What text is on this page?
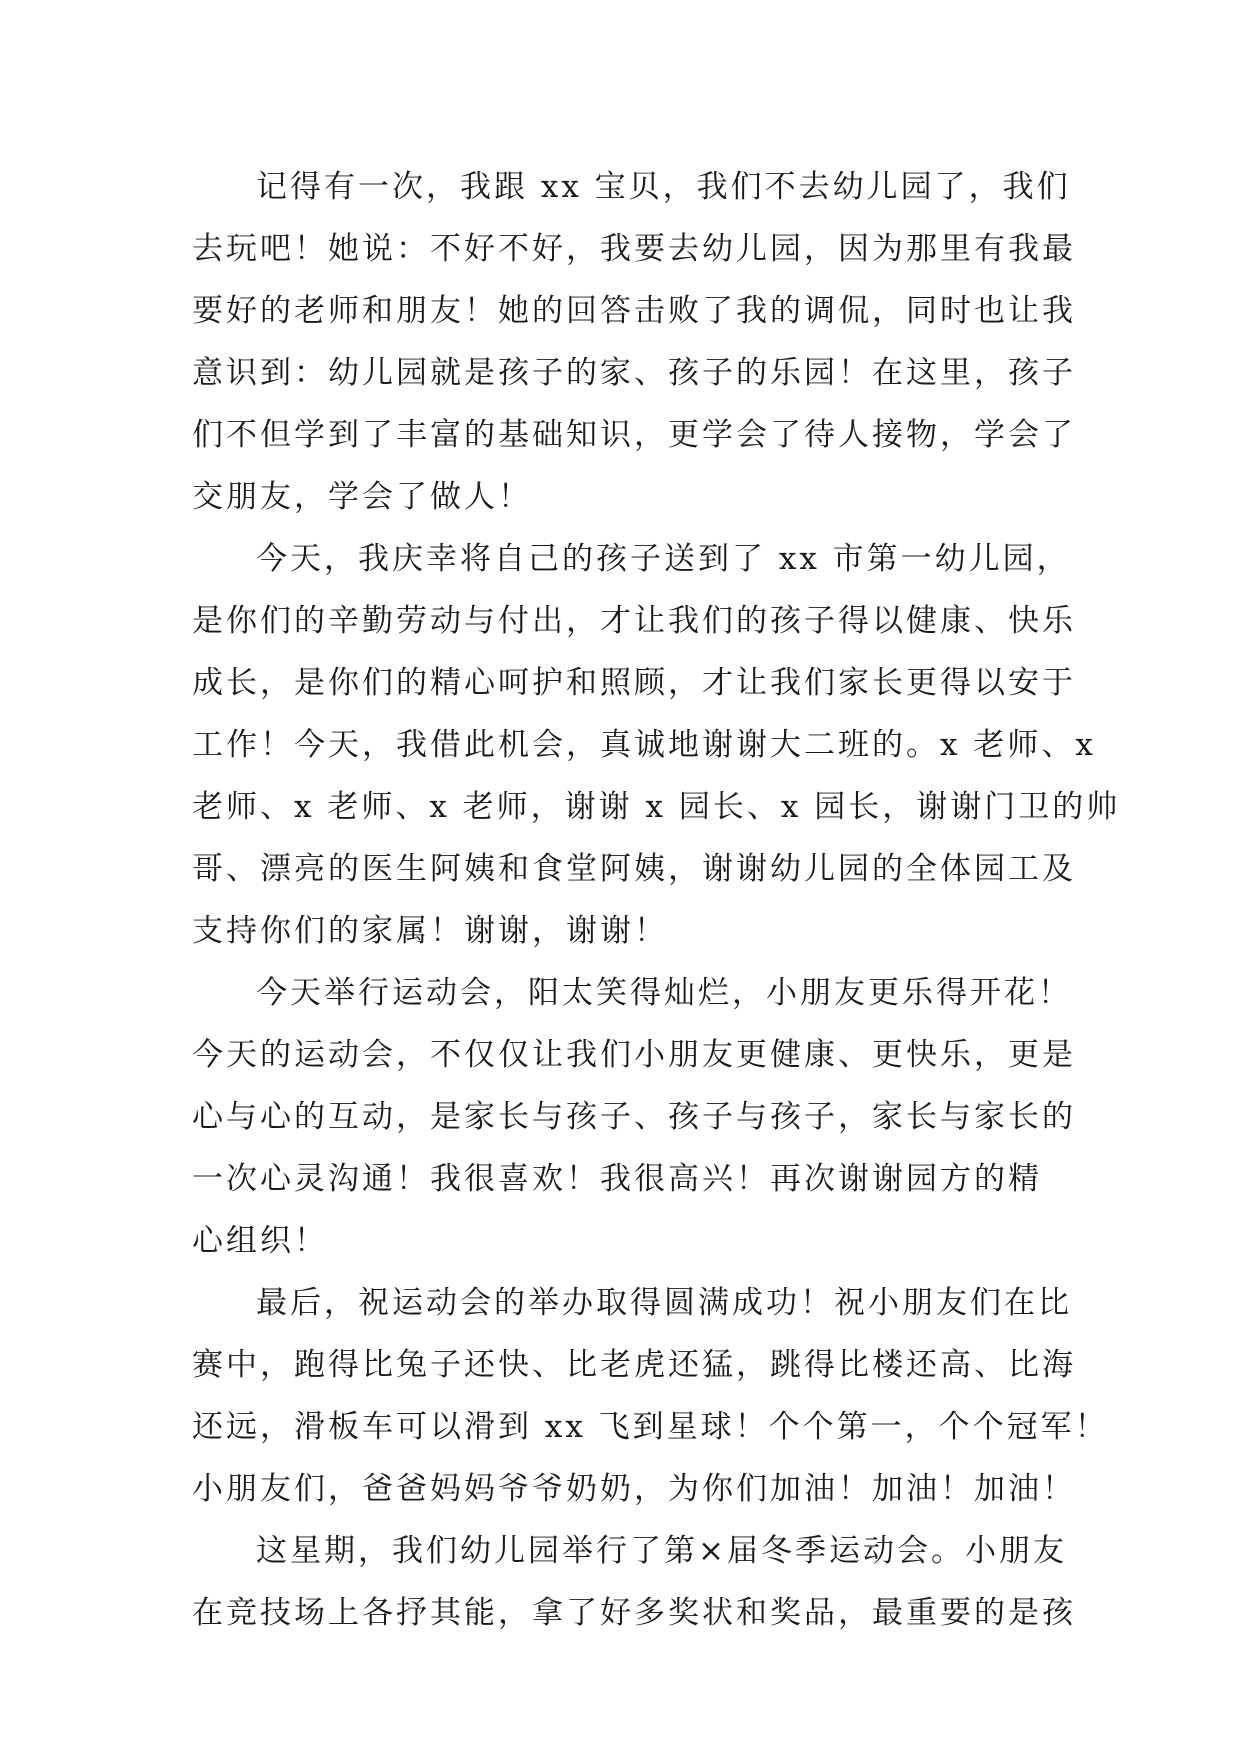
记得有一次，我跟 xx 宝贝，我们不去幼儿园了，我们
去玩吧！她说：不好不好，我要去幼儿园，因为那里有我最
要好的老师和朋友！她的回答击败了我的调侃，同时也让我
意识到：幼儿园就是孩子的家、孩子的乐园！在这里，孩子
们不但学到了丰富的基础知识，更学会了待人接物，学会了
交朋友，学会了做人！
今天，我庆幸将自己的孩子送到了 xx 市第一幼儿园，
是你们的辛勤劳动与付出，才让我们的孩子得以健康、快乐
成长，是你们的精心呵护和照顾，才让我们家长更得以安于
工作！今天，我借此机会，真诚地谢谢大二班的。x 老师、x
老师、x 老师、x 老师，谢谢 x 园长、x 园长，谢谢门卫的帅
哥、漂亮的医生阿姨和食堂阿姨，谢谢幼儿园的全体园工及
支持你们的家属！谢谢，谢谢！
今天举行运动会，阳太笑得灿烂，小朋友更乐得开花！
今天的运动会，不仅仅让我们小朋友更健康、更快乐，更是
心与心的互动，是家长与孩子、孩子与孩子，家长与家长的
一次心灵沟通！我很喜欢！我很高兴！再次谢谢园方的精
心组织！
最后，祝运动会的举办取得圆满成功！祝小朋友们在比
赛中，跑得比兔子还快、比老虎还猛，跳得比楼还高、比海
还远，滑板车可以滑到 xx 飞到星球！个个第一，个个冠军！
小朋友们，爸爸妈妈爷爷奶奶，为你们加油！加油！加油！
这星期，我们幼儿园举行了第×届冬季运动会。小朋友
在竞技场上各抒其能，拿了好多奖状和奖品，最重要的是孩
